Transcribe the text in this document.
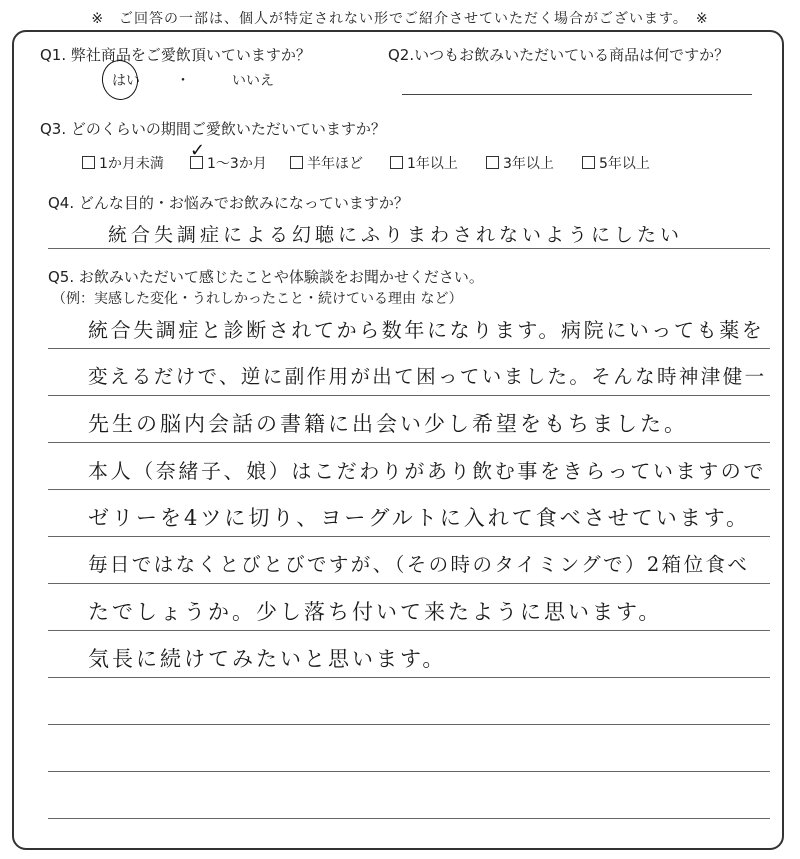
※　ご回答の一部は、個人が特定されない形でご紹介させていただく場合がございます。　※
Q1. 弊社商品をご愛飲頂いていますか？
はい	・	いいえ
Q2.いつもお飲みいただいている商品は何ですか？
Q3. どのくらいの期間ご愛飲いただいていますか？
1か月未満	1〜3か月	半年ほど	1年以上	3年以上	5年以上
✓
Q4. どんな目的・お悩みでお飲みになっていますか？
統合失調症による幻聴にふりまわされないようにしたい
Q5. お飲みいただいて感じたことや体験談をお聞かせください。
（例：実感した変化・うれしかったこと・続けている理由 など）
統合失調症と診断されてから数年になります。病院にいっても薬を
変えるだけで、逆に副作用が出て困っていました。そんな時神津健一
先生の脳内会話の書籍に出会い少し希望をもちました。
本人（奈緒子、娘）はこだわりがあり飲む事をきらっていますので
ゼリーを4ツに切り、ヨーグルトに入れて食べさせています。
毎日ではなくとびとびですが、（その時のタイミングで）2箱位食べ
たでしょうか。少し落ち付いて来たように思います。
気長に続けてみたいと思います。
